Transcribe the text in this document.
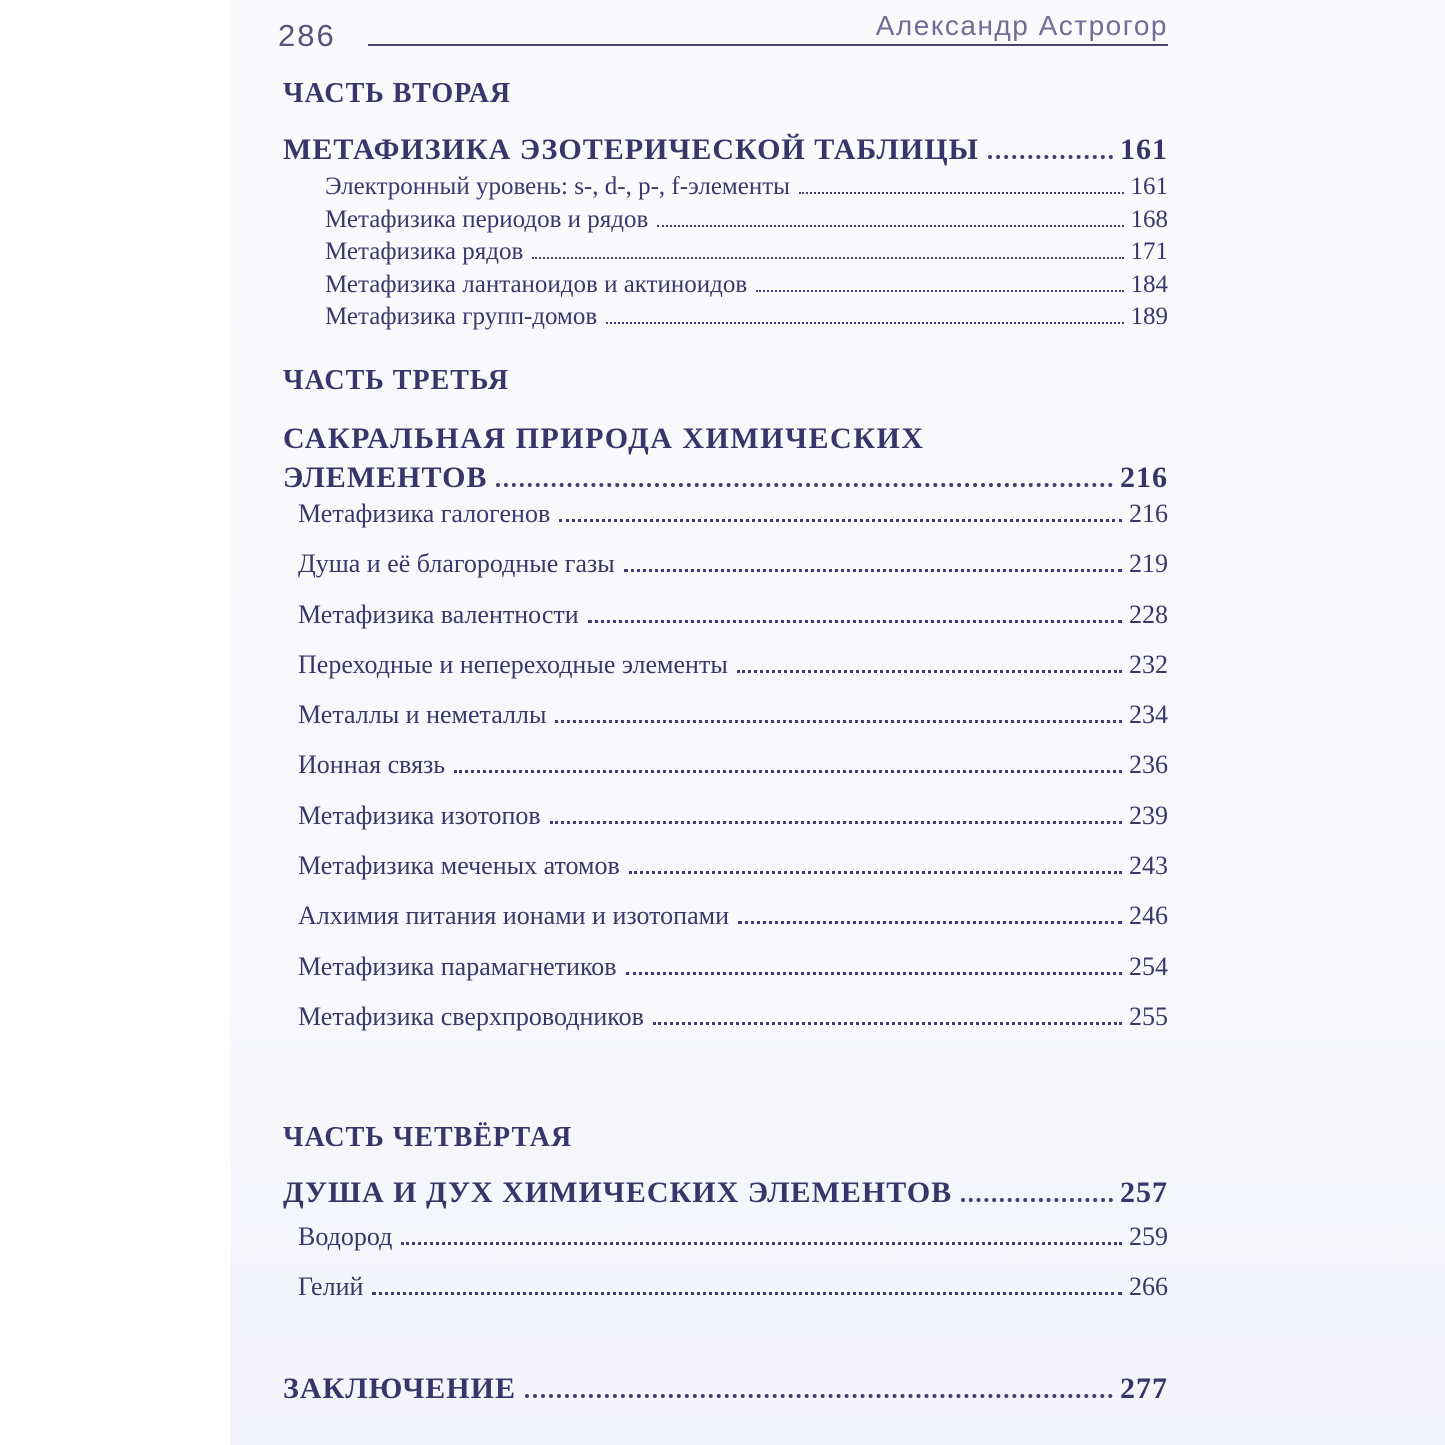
286	Александр Астрогор
ЧАСТЬ ВТОРАЯ
МЕТАФИЗИКА ЭЗОТЕРИЧЕСКОЙ ТАБЛИЦЫ	161
Электронный уровень: s-, d-, p-, f-элементы	161
Метафизика периодов и рядов	168
Метафизика рядов	171
Метафизика лантаноидов и актиноидов	184
Метафизика групп-домов	189
ЧАСТЬ ТРЕТЬЯ
САКРАЛЬНАЯ ПРИРОДА ХИМИЧЕСКИХ
ЭЛЕМЕНТОВ	216
Метафизика галогенов	216
Душа и её благородные газы	219
Метафизика валентности	228
Переходные и непереходные элементы	232
Металлы и неметаллы	234
Ионная связь	236
Метафизика изотопов	239
Метафизика меченых атомов	243
Алхимия питания ионами и изотопами	246
Метафизика парамагнетиков	254
Метафизика сверхпроводников	255
ЧАСТЬ ЧЕТВЁРТАЯ
ДУША И ДУХ ХИМИЧЕСКИХ ЭЛЕМЕНТОВ	257
Водород	259
Гелий	266
ЗАКЛЮЧЕНИЕ	277
